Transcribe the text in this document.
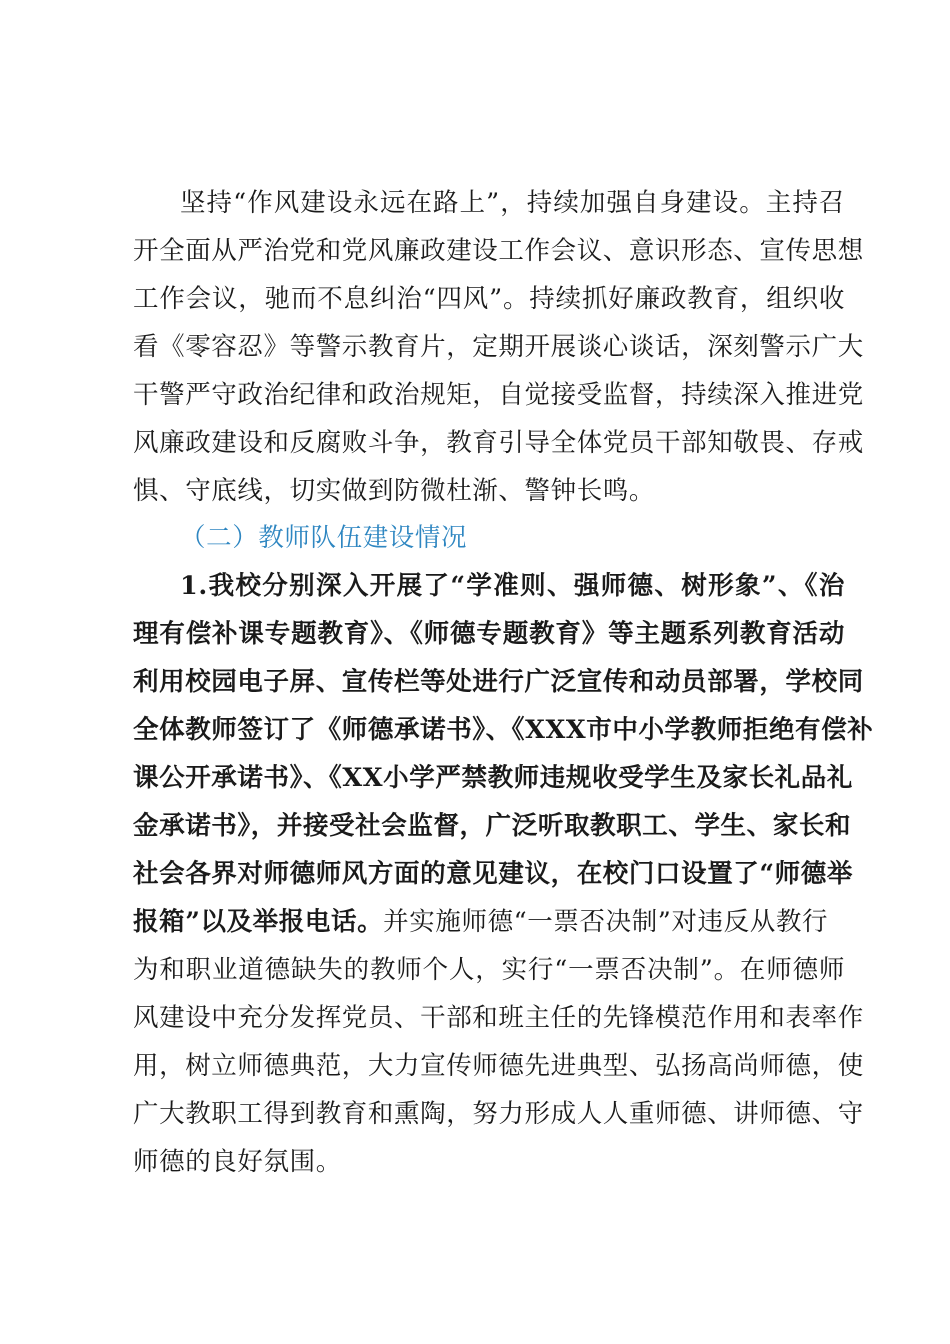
坚持“作风建设永远在路上”，持续加强自身建设。主持召
开全面从严治党和党风廉政建设工作会议、意识形态、宣传思想
工作会议，驰而不息纠治“四风”。持续抓好廉政教育，组织收
看《零容忍》等警示教育片，定期开展谈心谈话，深刻警示广大
干警严守政治纪律和政治规矩，自觉接受监督，持续深入推进党
风廉政建设和反腐败斗争，教育引导全体党员干部知敬畏、存戒
惧、守底线，切实做到防微杜渐、警钟长鸣。
（二）教师队伍建设情况
1.我校分别深入开展了“学准则、强师德、树形象”、《治
理有偿补课专题教育》、《师德专题教育》等主题系列教育活动
利用校园电子屏、宣传栏等处进行广泛宣传和动员部署，学校同
全体教师签订了《师德承诺书》、《XXX市中小学教师拒绝有偿补
课公开承诺书》、《XX小学严禁教师违规收受学生及家长礼品礼
金承诺书》，并接受社会监督，广泛听取教职工、学生、家长和
社会各界对师德师风方面的意见建议，在校门口设置了“师德举
报箱”以及举报电话。并实施师德“一票否决制”对违反从教行
为和职业道德缺失的教师个人，实行“一票否决制”。在师德师
风建设中充分发挥党员、干部和班主任的先锋模范作用和表率作
用，树立师德典范，大力宣传师德先进典型、弘扬高尚师德，使
广大教职工得到教育和熏陶，努力形成人人重师德、讲师德、守
师德的良好氛围。
